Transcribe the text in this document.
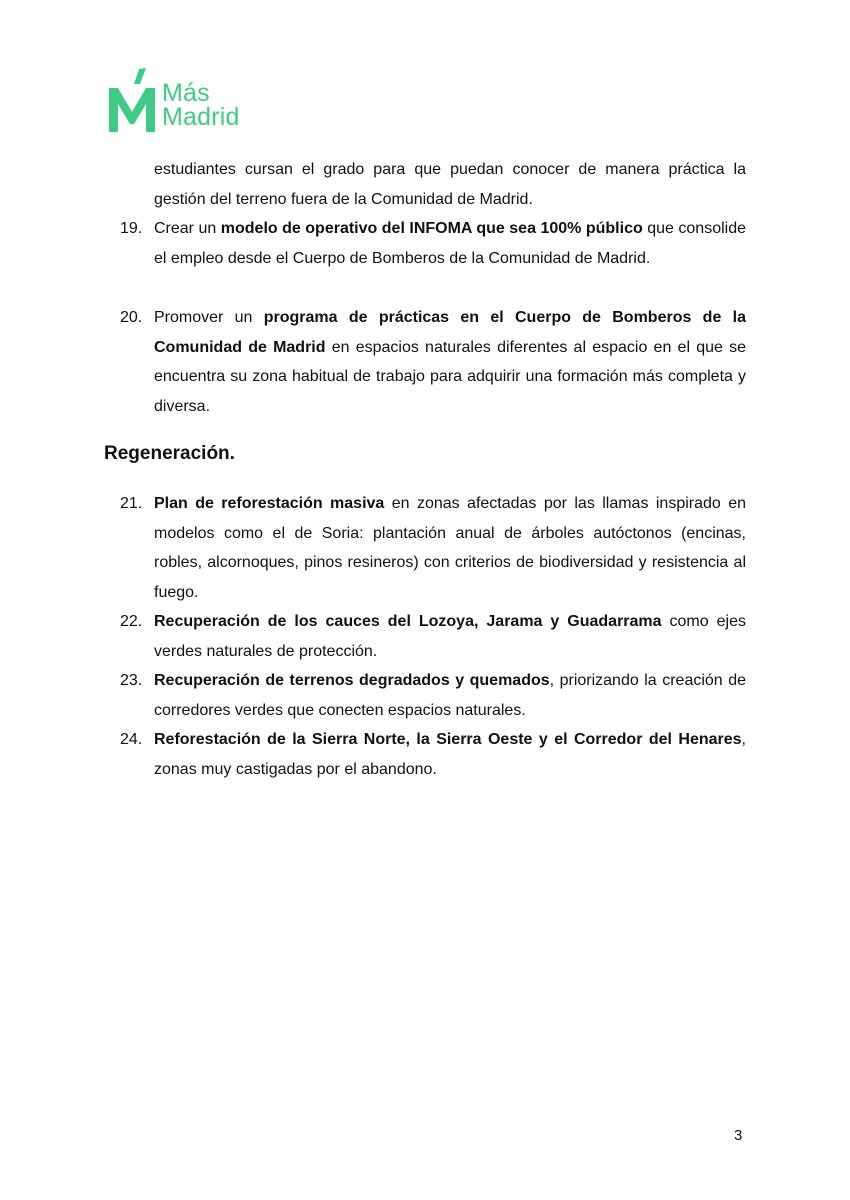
Más
Madrid
estudiantes cursan el grado para que puedan conocer de manera práctica la gestión del terreno fuera de la Comunidad de Madrid.
19. Crear un modelo de operativo del INFOMA que sea 100% público que consolide el empleo desde el Cuerpo de Bomberos de la Comunidad de Madrid.
20. Promover un programa de prácticas en el Cuerpo de Bomberos de la Comunidad de Madrid en espacios naturales diferentes al espacio en el que se encuentra su zona habitual de trabajo para adquirir una formación más completa y diversa.
Regeneración.
21. Plan de reforestación masiva en zonas afectadas por las llamas inspirado en modelos como el de Soria: plantación anual de árboles autóctonos (encinas, robles, alcornoques, pinos resineros) con criterios de biodiversidad y resistencia al fuego.
22. Recuperación de los cauces del Lozoya, Jarama y Guadarrama como ejes verdes naturales de protección.
23. Recuperación de terrenos degradados y quemados, priorizando la creación de corredores verdes que conecten espacios naturales.
24. Reforestación de la Sierra Norte, la Sierra Oeste y el Corredor del Henares, zonas muy castigadas por el abandono.
3
